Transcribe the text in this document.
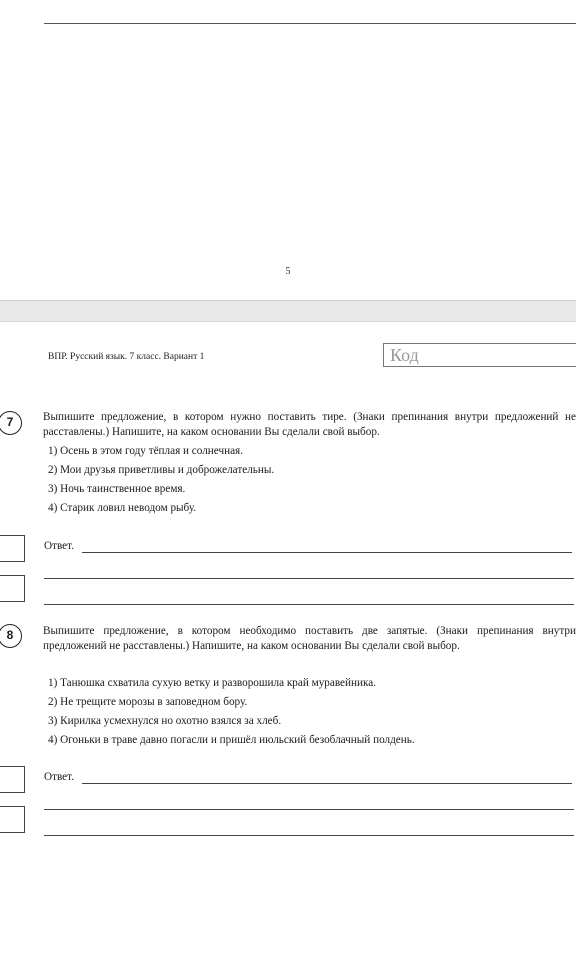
5
ВПР. Русский язык. 7 класс. Вариант 1	Код
7	Выпишите предложение, в котором нужно поставить тире. (Знаки препинания внутри предложений не расставлены.) Напишите, на каком основании Вы сделали свой выбор.
1) Осень в этом году тёплая и солнечная.
2) Мои друзья приветливы и доброжелательны.
3) Ночь таинственное время.
4) Старик ловил неводом рыбу.
Ответ.
8	Выпишите предложение, в котором необходимо поставить две запятые. (Знаки препинания внутри предложений не расставлены.) Напишите, на каком основании Вы сделали свой выбор.
1) Танюшка схватила сухую ветку и разворошила край муравейника.
2) Не трещите морозы в заповедном бору.
3) Кирилка усмехнулся но охотно взялся за хлеб.
4) Огоньки в траве давно погасли и пришёл июльский безоблачный полдень.
Ответ.
